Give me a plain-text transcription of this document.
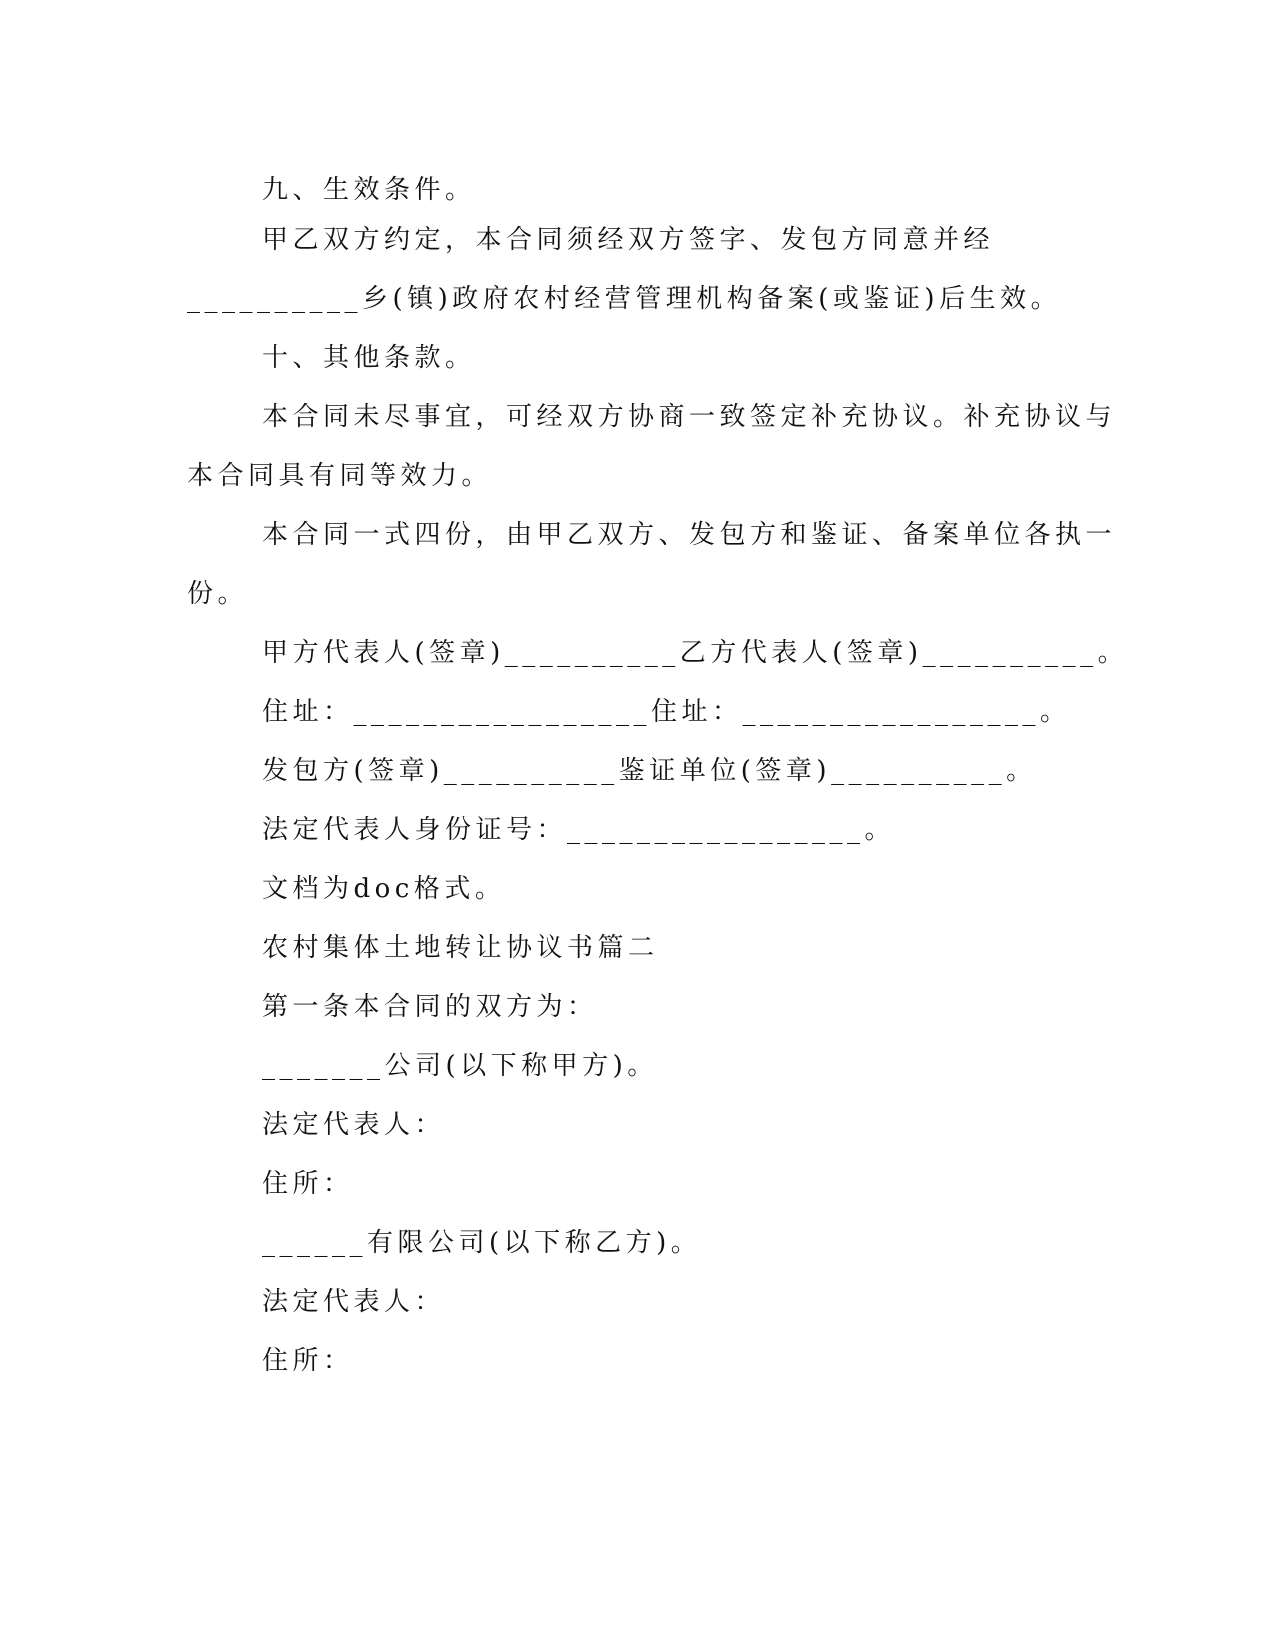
九、生效条件。
甲乙双方约定，本合同须经双方签字、发包方同意并经
__________乡(镇)政府农村经营管理机构备案(或鉴证)后生效。
十、其他条款。
本合同未尽事宜，可经双方协商一致签定补充协议。补充协议与
本合同具有同等效力。
本合同一式四份，由甲乙双方、发包方和鉴证、备案单位各执一
份。
甲方代表人(签章)__________乙方代表人(签章)__________。
住址：_________________住址：_________________。
发包方(签章)__________鉴证单位(签章)__________。
法定代表人身份证号：_________________。
文档为doc格式。
农村集体土地转让协议书篇二
第一条本合同的双方为：
_______公司(以下称甲方)。
法定代表人：
住所：
______有限公司(以下称乙方)。
法定代表人：
住所：
